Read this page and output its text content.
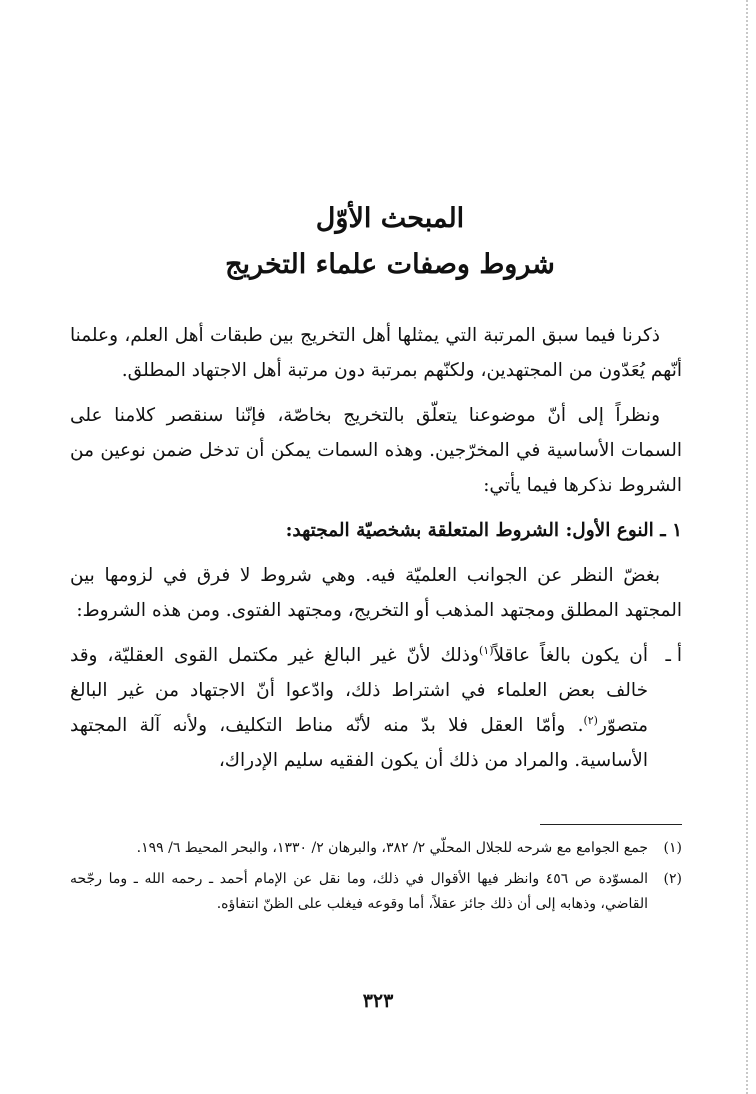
المبحث الأوّل
شروط وصفات علماء التخريج

ذكرنا فيما سبق المرتبة التي يمثلها أهل التخريج بين طبقات أهل العلم، وعلمنا أنّهم يُعَدّون من المجتهدين، ولكنّهم بمرتبة دون مرتبة أهل الاجتهاد المطلق.

ونظراً إلى أنّ موضوعنا يتعلّق بالتخريج بخاصّة، فإنّنا سنقصر كلامنا على السمات الأساسية في المخرّجين. وهذه السمات يمكن أن تدخل ضمن نوعين من الشروط نذكرها فيما يأتي:

١ ـ النوع الأول: الشروط المتعلقة بشخصيّة المجتهد:

بغضّ النظر عن الجوانب العلميّة فيه. وهي شروط لا فرق في لزومها بين المجتهد المطلق ومجتهد المذهب أو التخريج، ومجتهد الفتوى. ومن هذه الشروط:

أ ـ
أن يكون بالغاً عاقلاً$^{(١)}$وذلك لأنّ غير البالغ غير مكتمل القوى العقليّة، وقد خالف بعض العلماء في اشتراط ذلك، وادّعوا أنّ الاجتهاد من غير البالغ متصوّر$^{(٢)}$. وأمّا العقل فلا بدّ منه لأنّه مناط التكليف، ولأنه آلة المجتهد الأساسية. والمراد من ذلك أن يكون الفقيه سليم الإدراك،
(١)
جمع الجوامع مع شرحه للجلال المحلّي ٢/ ٣٨٢، والبرهان ٢/ ١٣٣٠، والبحر المحيط ٦/ ١٩٩.
(٢)
المسوّدة ص ٤٥٦ وانظر فيها الأقوال في ذلك، وما نقل عن الإمام أحمد ـ رحمه الله ـ وما رجّحه القاضي، وذهابه إلى أن ذلك جائز عقلاً، أما وقوعه فيغلب على الظنّ انتفاؤه.
٣٢٣
